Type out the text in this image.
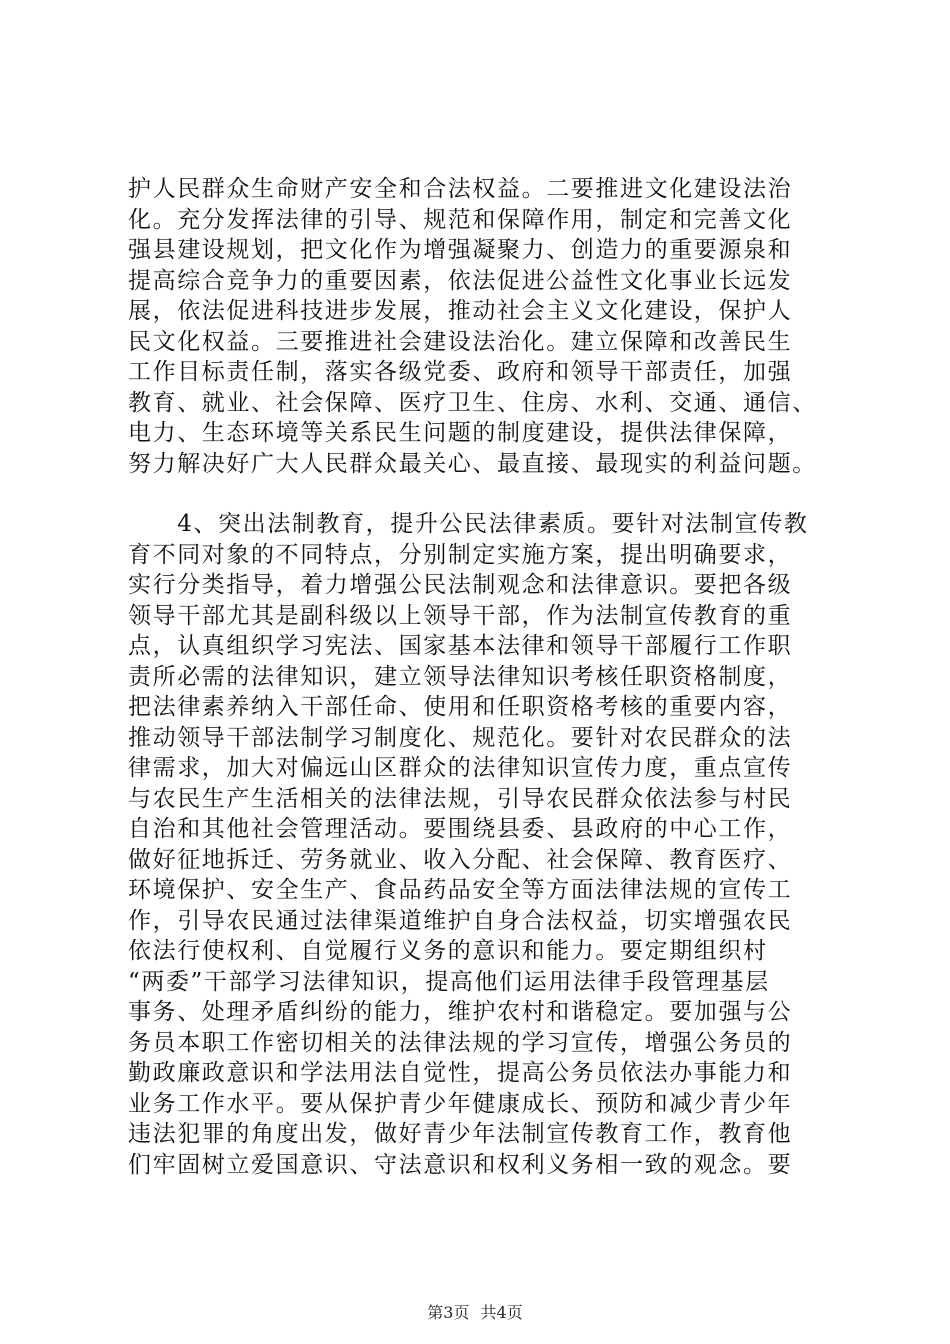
护人民群众生命财产安全和合法权益。二要推进文化建设法治
化。充分发挥法律的引导、规范和保障作用，制定和完善文化
强县建设规划，把文化作为增强凝聚力、创造力的重要源泉和
提高综合竞争力的重要因素，依法促进公益性文化事业长远发
展，依法促进科技进步发展，推动社会主义文化建设，保护人
民文化权益。三要推进社会建设法治化。建立保障和改善民生
工作目标责任制，落实各级党委、政府和领导干部责任，加强
教育、就业、社会保障、医疗卫生、住房、水利、交通、通信、
电力、生态环境等关系民生问题的制度建设，提供法律保障，
努力解决好广大人民群众最关心、最直接、最现实的利益问题。
　　4、突出法制教育，提升公民法律素质。要针对法制宣传教
育不同对象的不同特点，分别制定实施方案，提出明确要求，
实行分类指导，着力增强公民法制观念和法律意识。要把各级
领导干部尤其是副科级以上领导干部，作为法制宣传教育的重
点，认真组织学习宪法、国家基本法律和领导干部履行工作职
责所必需的法律知识，建立领导法律知识考核任职资格制度，
把法律素养纳入干部任命、使用和任职资格考核的重要内容，
推动领导干部法制学习制度化、规范化。要针对农民群众的法
律需求，加大对偏远山区群众的法律知识宣传力度，重点宣传
与农民生产生活相关的法律法规，引导农民群众依法参与村民
自治和其他社会管理活动。要围绕县委、县政府的中心工作，
做好征地拆迁、劳务就业、收入分配、社会保障、教育医疗、
环境保护、安全生产、食品药品安全等方面法律法规的宣传工
作，引导农民通过法律渠道维护自身合法权益，切实增强农民
依法行使权利、自觉履行义务的意识和能力。要定期组织村
“两委”干部学习法律知识，提高他们运用法律手段管理基层
事务、处理矛盾纠纷的能力，维护农村和谐稳定。要加强与公
务员本职工作密切相关的法律法规的学习宣传，增强公务员的
勤政廉政意识和学法用法自觉性，提高公务员依法办事能力和
业务工作水平。要从保护青少年健康成长、预防和减少青少年
违法犯罪的角度出发，做好青少年法制宣传教育工作，教育他
们牢固树立爱国意识、守法意识和权利义务相一致的观念。要
第3页 共4页
